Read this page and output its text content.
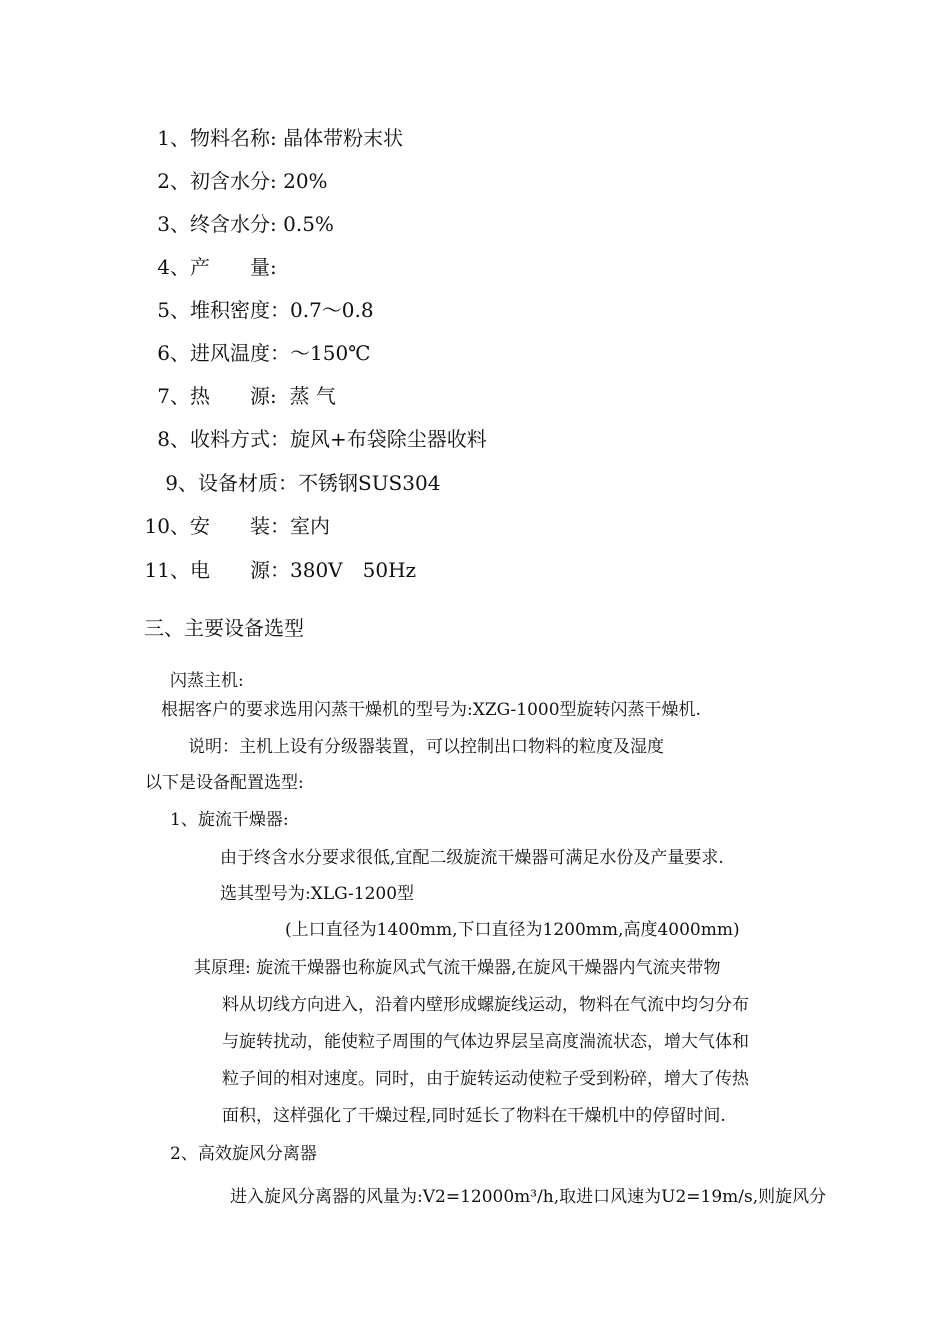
1、物料名称: 晶体带粉末状
2、初含水分: 20%
3、终含水分: 0.5%
4、产　　量:
5、堆积密度：0.7～0.8
6、进风温度：～150℃
7、热　　源: 蒸 气
8、收料方式：旋风+布袋除尘器收料
9、设备材质：不锈钢SUS304
10、安　　装：室内
11、电　　源：380V　50Hz
三、主要设备选型
闪蒸主机:
根据客户的要求选用闪蒸干燥机的型号为:XZG-1000型旋转闪蒸干燥机.
说明：主机上设有分级器装置，可以控制出口物料的粒度及湿度
以下是设备配置选型:
1、旋流干燥器:
由于终含水分要求很低,宜配二级旋流干燥器可满足水份及产量要求.
选其型号为:XLG-1200型
(上口直径为1400mm,下口直径为1200mm,高度4000mm)
其原理: 旋流干燥器也称旋风式气流干燥器,在旋风干燥器内气流夹带物
料从切线方向进入，沿着内壁形成螺旋线运动，物料在气流中均匀分布
与旋转扰动，能使粒子周围的气体边界层呈高度湍流状态，增大气体和
粒子间的相对速度。同时，由于旋转运动使粒子受到粉碎，增大了传热
面积，这样强化了干燥过程,同时延长了物料在干燥机中的停留时间.
2、高效旋风分离器
进入旋风分离器的风量为:V2=12000m³/h,取进口风速为U2=19m/s,则旋风分
